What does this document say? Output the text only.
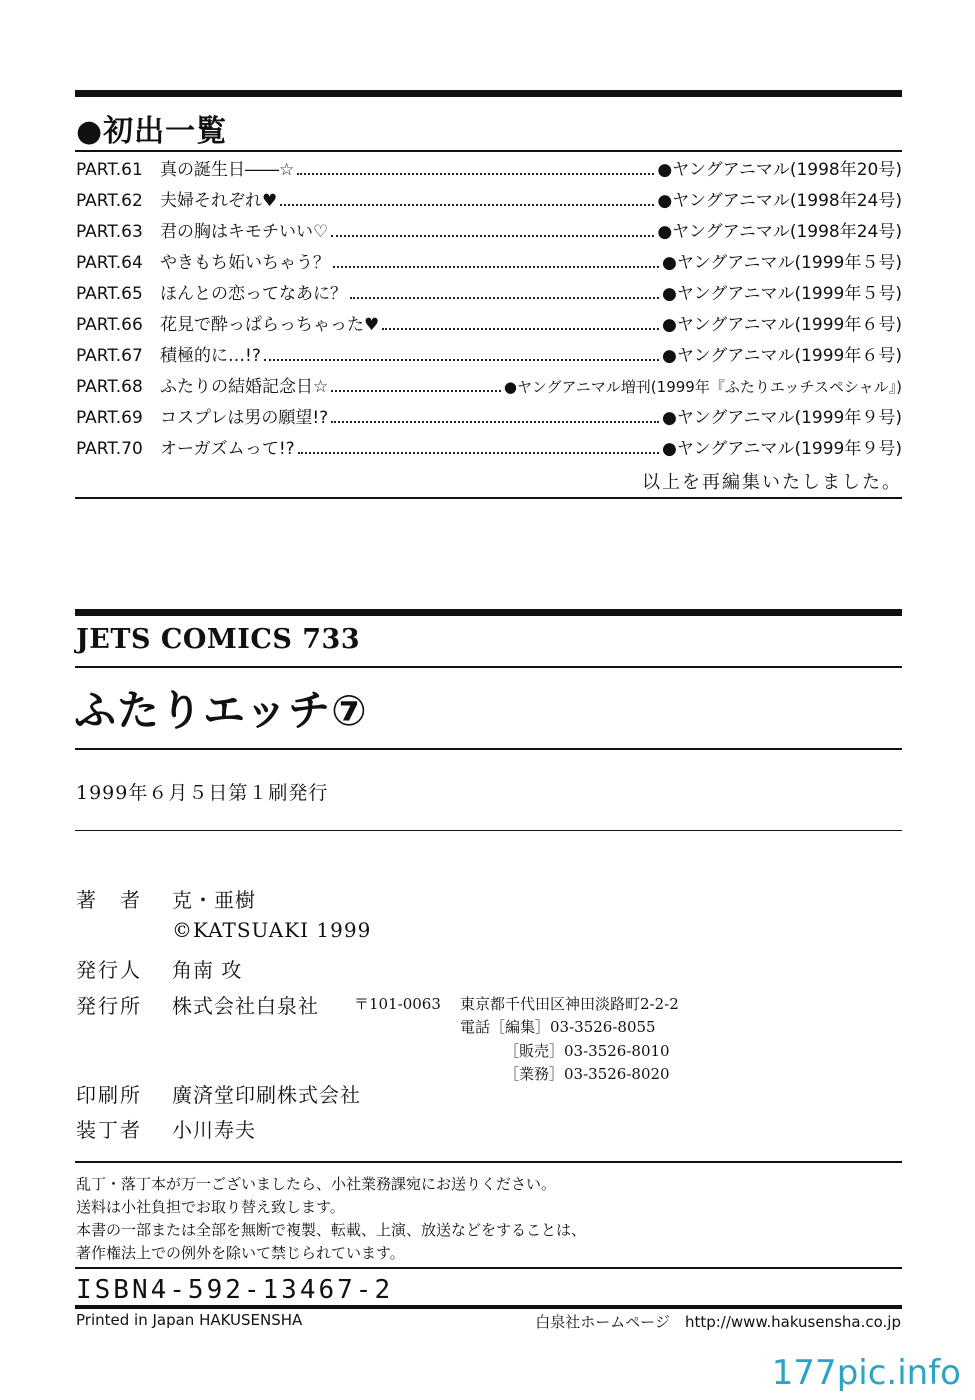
●初出一覧
PART.61	真の誕生日――☆	●ヤングアニマル(1998年20号)
PART.62	夫婦それぞれ♥	●ヤングアニマル(1998年24号)
PART.63	君の胸はキモチいい♡	●ヤングアニマル(1998年24号)
PART.64	やきもち妬いちゃう？	●ヤングアニマル(1999年５号)
PART.65	ほんとの恋ってなあに？	●ヤングアニマル(1999年５号)
PART.66	花見で酔っぱらっちゃった♥	●ヤングアニマル(1999年６号)
PART.67	積極的に…!?	●ヤングアニマル(1999年６号)
PART.68	ふたりの結婚記念日☆	●ヤングアニマル増刊(1999年『ふたりエッチスペシャル』)
PART.69	コスプレは男の願望!?	●ヤングアニマル(1999年９号)
PART.70	オーガズムって!?	●ヤングアニマル(1999年９号)
以上を再編集いたしました。
JETS COMICS 733
ふたりエッチ⑦
1999年６月５日第１刷発行
著　者 克・亜樹
©KATSUAKI 1999
発行人 角南 攻
発行所 株式会社白泉社 〒101-0063 東京都千代田区神田淡路町2-2-2
電話［編集］03-3526-8055
［販売］03-3526-8010
［業務］03-3526-8020
印刷所 廣済堂印刷株式会社
装丁者 小川寿夫
乱丁・落丁本が万一ございましたら、小社業務課宛にお送りください。
送料は小社負担でお取り替え致します。
本書の一部または全部を無断で複製、転載、上演、放送などをすることは、
著作権法上での例外を除いて禁じられています。
ISBN4-592-13467-2
Printed in Japan HAKUSENSHA	白泉社ホームページ　http://www.hakusensha.co.jp
177pic.info
